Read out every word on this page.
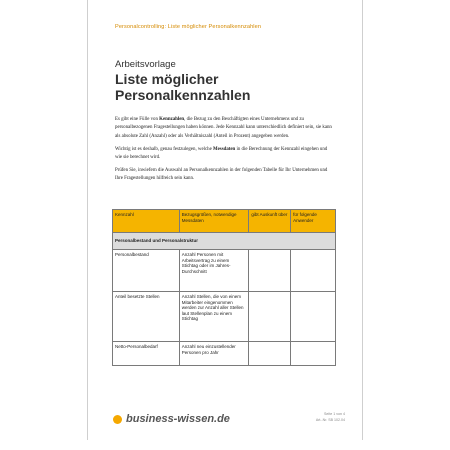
Personalcontrolling: Liste möglicher Personalkennzahlen
Arbeitsvorlage
Liste möglicher
Personalkennzahlen

Es gibt eine Fülle von Kennzahlen, die Bezug zu den Beschäftigten eines Unternehmens und zu personalbezogenen Fragestellungen haben können. Jede Kennzahl kann unterschiedlich definiert sein, sie kann als absolute Zahl (Anzahl) oder als Verhältniszahl (Anteil in Prozent) angegeben werden.

Wichtig ist es deshalb, genau festzulegen, welche Messdaten in die Berechnung der Kennzahl eingehen und wie sie berechnet wird.

Prüfen Sie, inwiefern die Auswahl an Personalkennzahlen in der folgenden Tabelle für Ihr Unternehmen und Ihre Fragestellungen hilfreich sein kann.

Kennzahl	Bezugsgrößen, notwendige Messdaten	gibt Auskunft über	für folgende Anwender
Personalbestand und Personalstruktur			
Personalbestand	Anzahl Personen mit Arbeitsvertrag zu einem Stichtag oder im Jahres-Durchschnitt		
Anteil besetzte Stellen	Anzahl Stellen, die von einem Mitarbeiter eingenommen werden zur Anzahl aller Stellen laut Stellenplan zu einem Stichtag		
Netto-Personalbedarf	Anzahl neu einzustellender Personen pro Jahr		
business-wissen.de	Seite 1 von 4
Art.-Nr. SB 102.04
